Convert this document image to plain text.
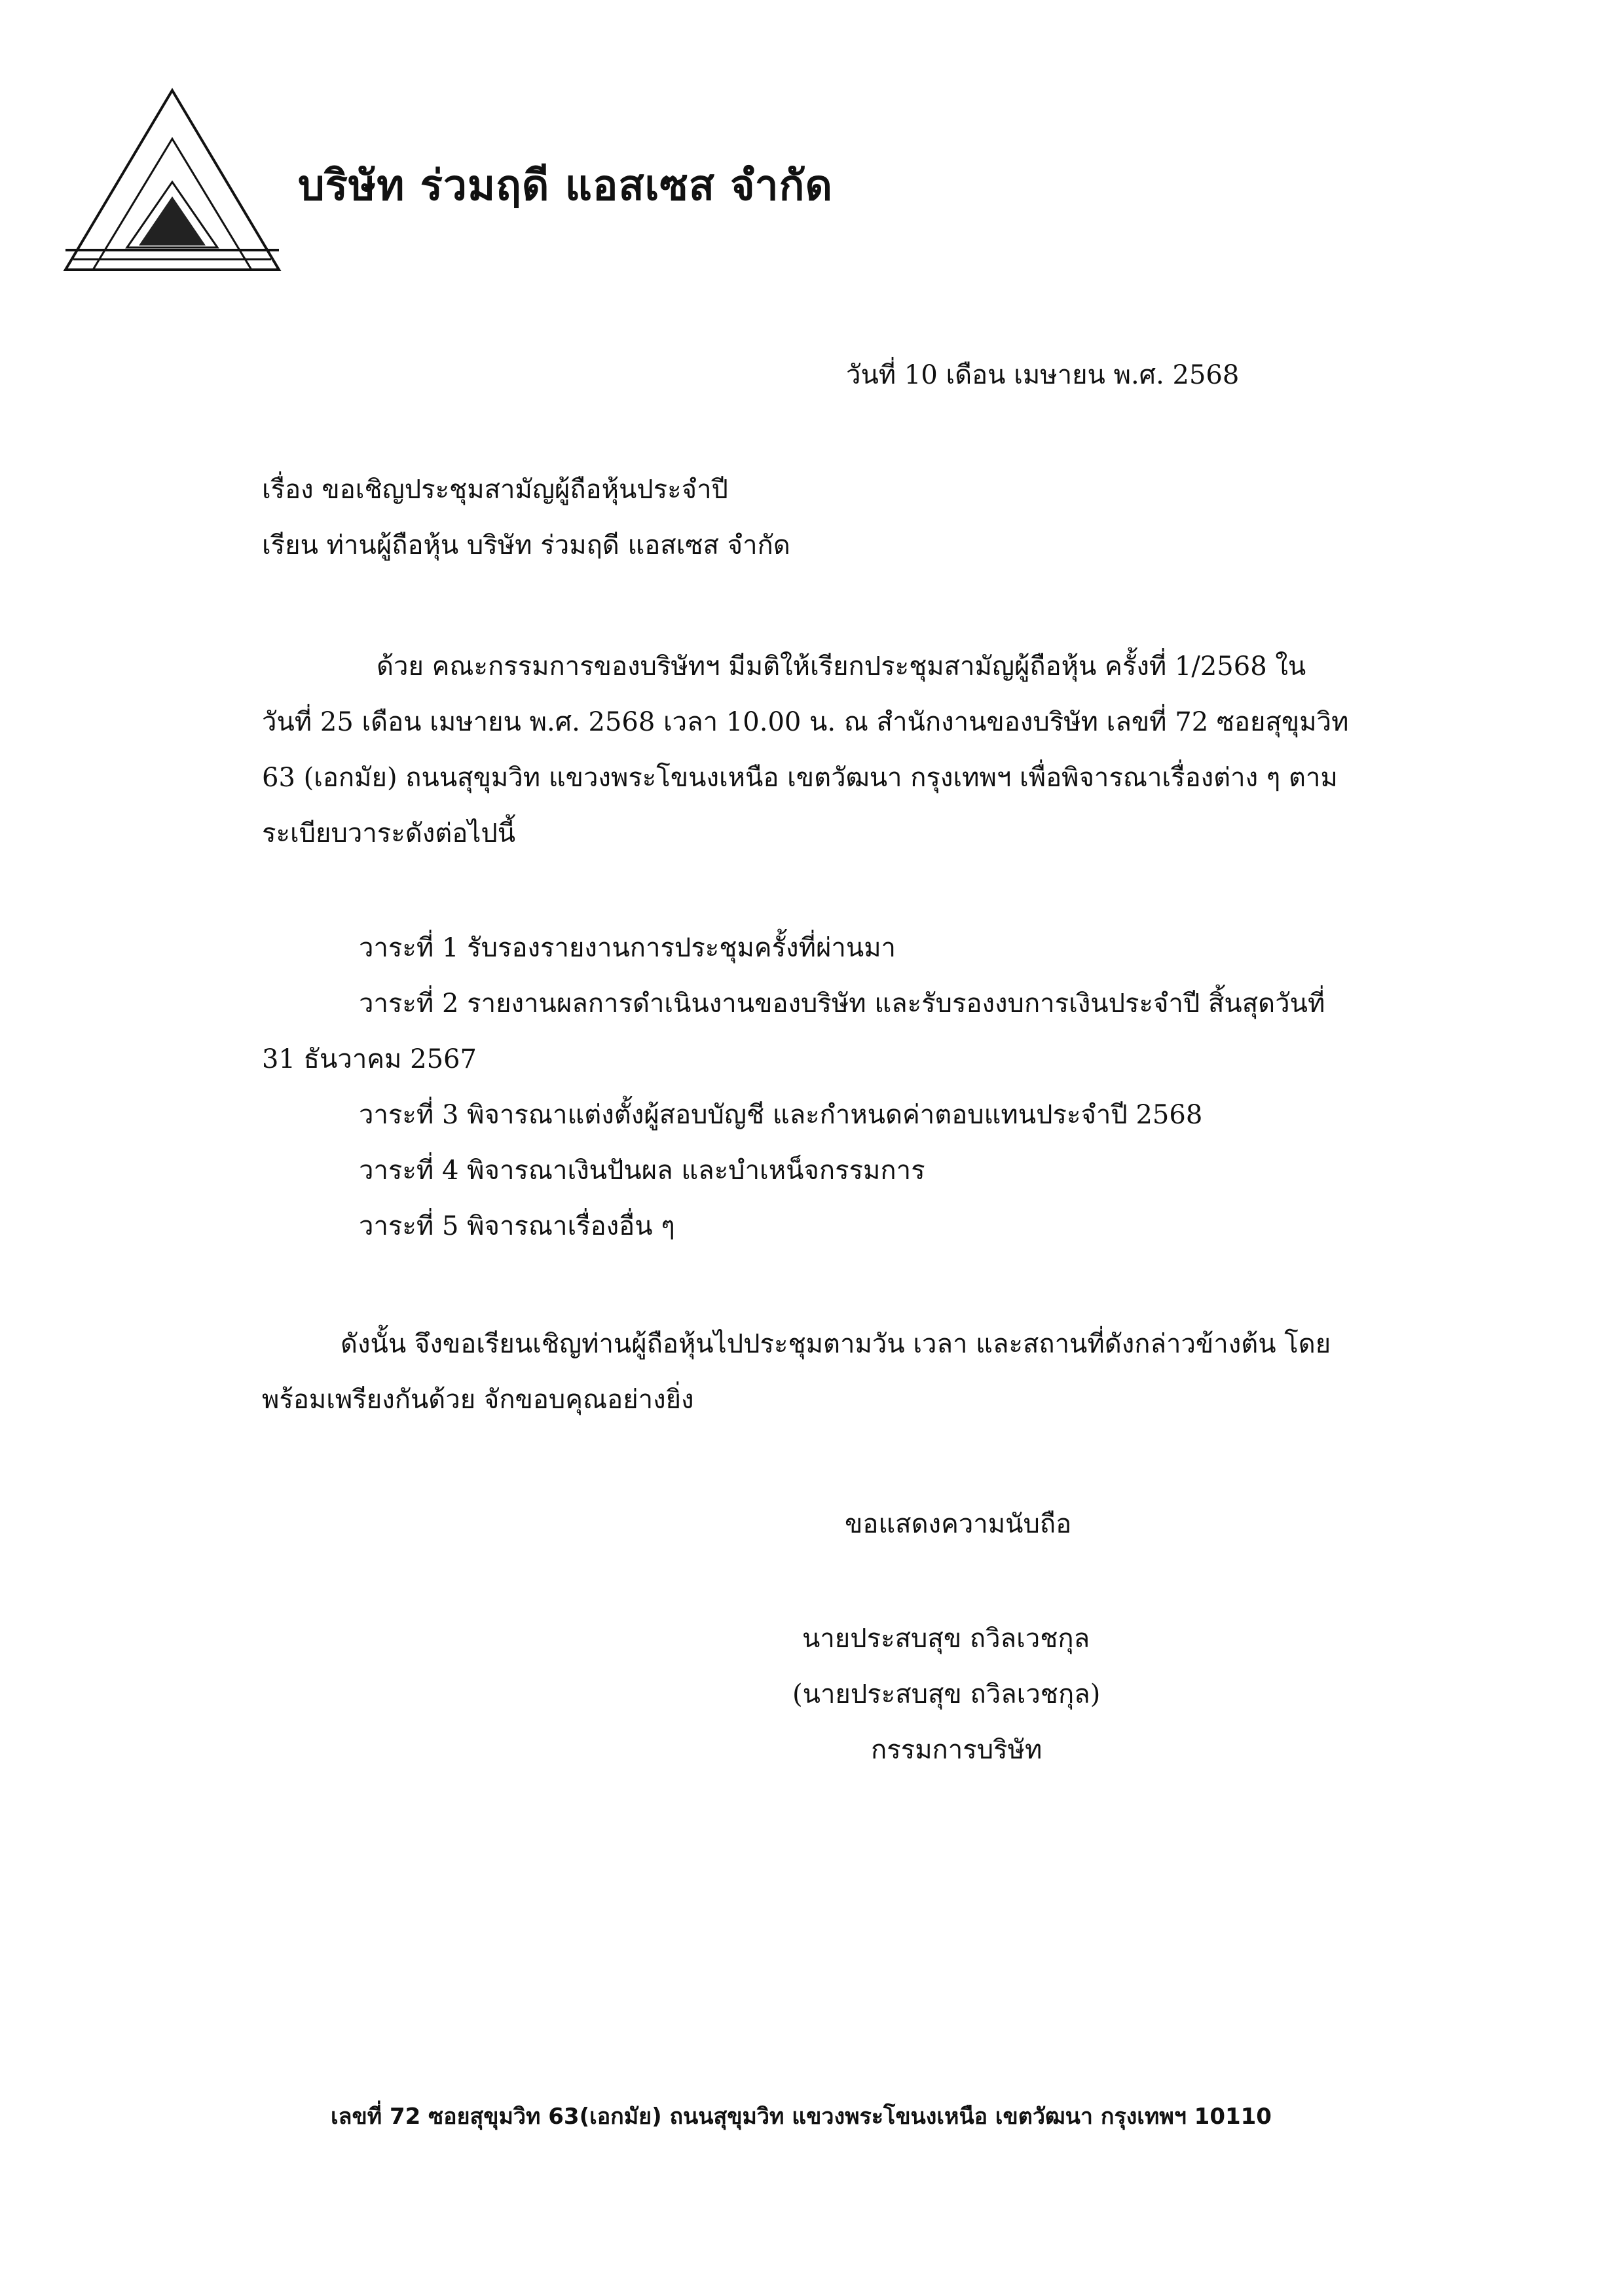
บริษัท ร่วมฤดี แอสเซส จำกัด
วันที่ 10 เดือน เมษายน พ.ศ. 2568
เรื่อง ขอเชิญประชุมสามัญผู้ถือหุ้นประจำปี
เรียน ท่านผู้ถือหุ้น บริษัท ร่วมฤดี แอสเซส จำกัด
ด้วย คณะกรรมการของบริษัทฯ มีมติให้เรียกประชุมสามัญผู้ถือหุ้น ครั้งที่ 1/2568 ใน
วันที่ 25 เดือน เมษายน พ.ศ. 2568 เวลา 10.00 น. ณ สำนักงานของบริษัท เลขที่ 72 ซอยสุขุมวิท
63 (เอกมัย) ถนนสุขุมวิท แขวงพระโขนงเหนือ เขตวัฒนา กรุงเทพฯ เพื่อพิจารณาเรื่องต่าง ๆ ตาม
ระเบียบวาระดังต่อไปนี้
วาระที่ 1 รับรองรายงานการประชุมครั้งที่ผ่านมา
วาระที่ 2 รายงานผลการดำเนินงานของบริษัท และรับรองงบการเงินประจำปี สิ้นสุดวันที่
31 ธันวาคม 2567
วาระที่ 3 พิจารณาแต่งตั้งผู้สอบบัญชี และกำหนดค่าตอบแทนประจำปี 2568
วาระที่ 4 พิจารณาเงินปันผล และบำเหน็จกรรมการ
วาระที่ 5 พิจารณาเรื่องอื่น ๆ
ดังนั้น จึงขอเรียนเชิญท่านผู้ถือหุ้นไปประชุมตามวัน เวลา และสถานที่ดังกล่าวข้างต้น โดย
พร้อมเพรียงกันด้วย จักขอบคุณอย่างยิ่ง
ขอแสดงความนับถือ
นายประสบสุข ถวิลเวชกุล
(นายประสบสุข ถวิลเวชกุล)
กรรมการบริษัท
เลขที่ 72 ซอยสุขุมวิท 63(เอกมัย) ถนนสุขุมวิท แขวงพระโขนงเหนือ เขตวัฒนา กรุงเทพฯ 10110
